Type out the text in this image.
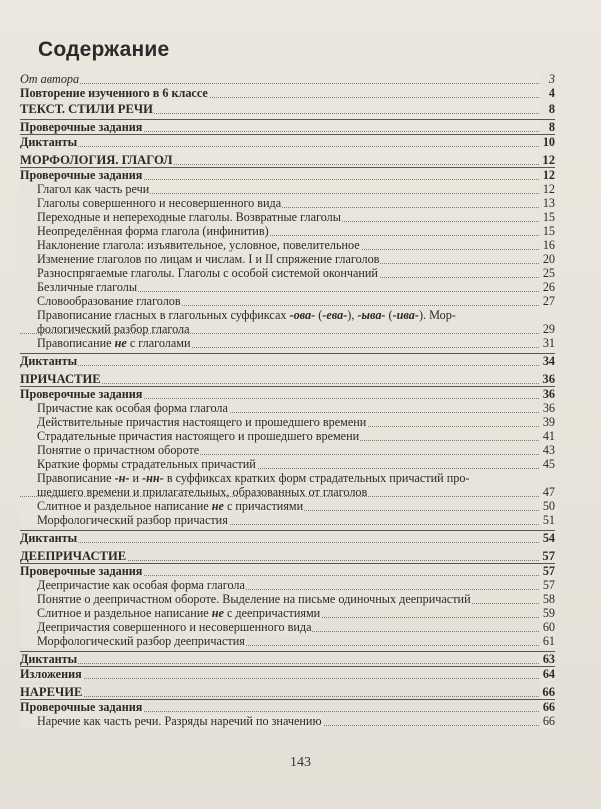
Содержание
От автора	3
Повторение изученного в 6 классе	4
ТЕКСТ. СТИЛИ РЕЧИ	8
Проверочные задания	8
Диктанты	10
МОРФОЛОГИЯ. ГЛАГОЛ	12
Проверочные задания	12
Глагол как часть речи	12
Глаголы совершенного и несовершенного вида	13
Переходные и непереходные глаголы. Возвратные глаголы	15
Неопределённая форма глагола (инфинитив)	15
Наклонение глагола: изъявительное, условное, повелительное	16
Изменение глаголов по лицам и числам. I и II спряжение глаголов	20
Разноспрягаемые глаголы. Глаголы с особой системой окончаний	25
Безличные глаголы	26
Словообразование глаголов	27
Правописание гласных в глагольных суффиксах -ова- (-ева-), -ыва- (-ива-). Мор-
фологический разбор глагола	29
Правописание не с глаголами	31
Диктанты	34
ПРИЧАСТИЕ	36
Проверочные задания	36
Причастие как особая форма глагола	36
Действительные причастия настоящего и прошедшего времени	39
Страдательные причастия настоящего и прошедшего времени	41
Понятие о причастном обороте	43
Краткие формы страдательных причастий	45
Правописание -н- и -нн- в суффиксах кратких форм страдательных причастий про-
шедшего времени и прилагательных, образованных от глаголов	47
Слитное и раздельное написание не с причастиями	50
Морфологический разбор причастия	51
Диктанты	54
ДЕЕПРИЧАСТИЕ	57
Проверочные задания	57
Деепричастие как особая форма глагола	57
Понятие о деепричастном обороте. Выделение на письме одиночных деепричастий	58
Слитное и раздельное написание не с деепричастиями	59
Деепричастия совершенного и несовершенного вида	60
Морфологический разбор деепричастия	61
Диктанты	63
Изложения	64
НАРЕЧИЕ	66
Проверочные задания	66
Наречие как часть речи. Разряды наречий по значению	66
143
